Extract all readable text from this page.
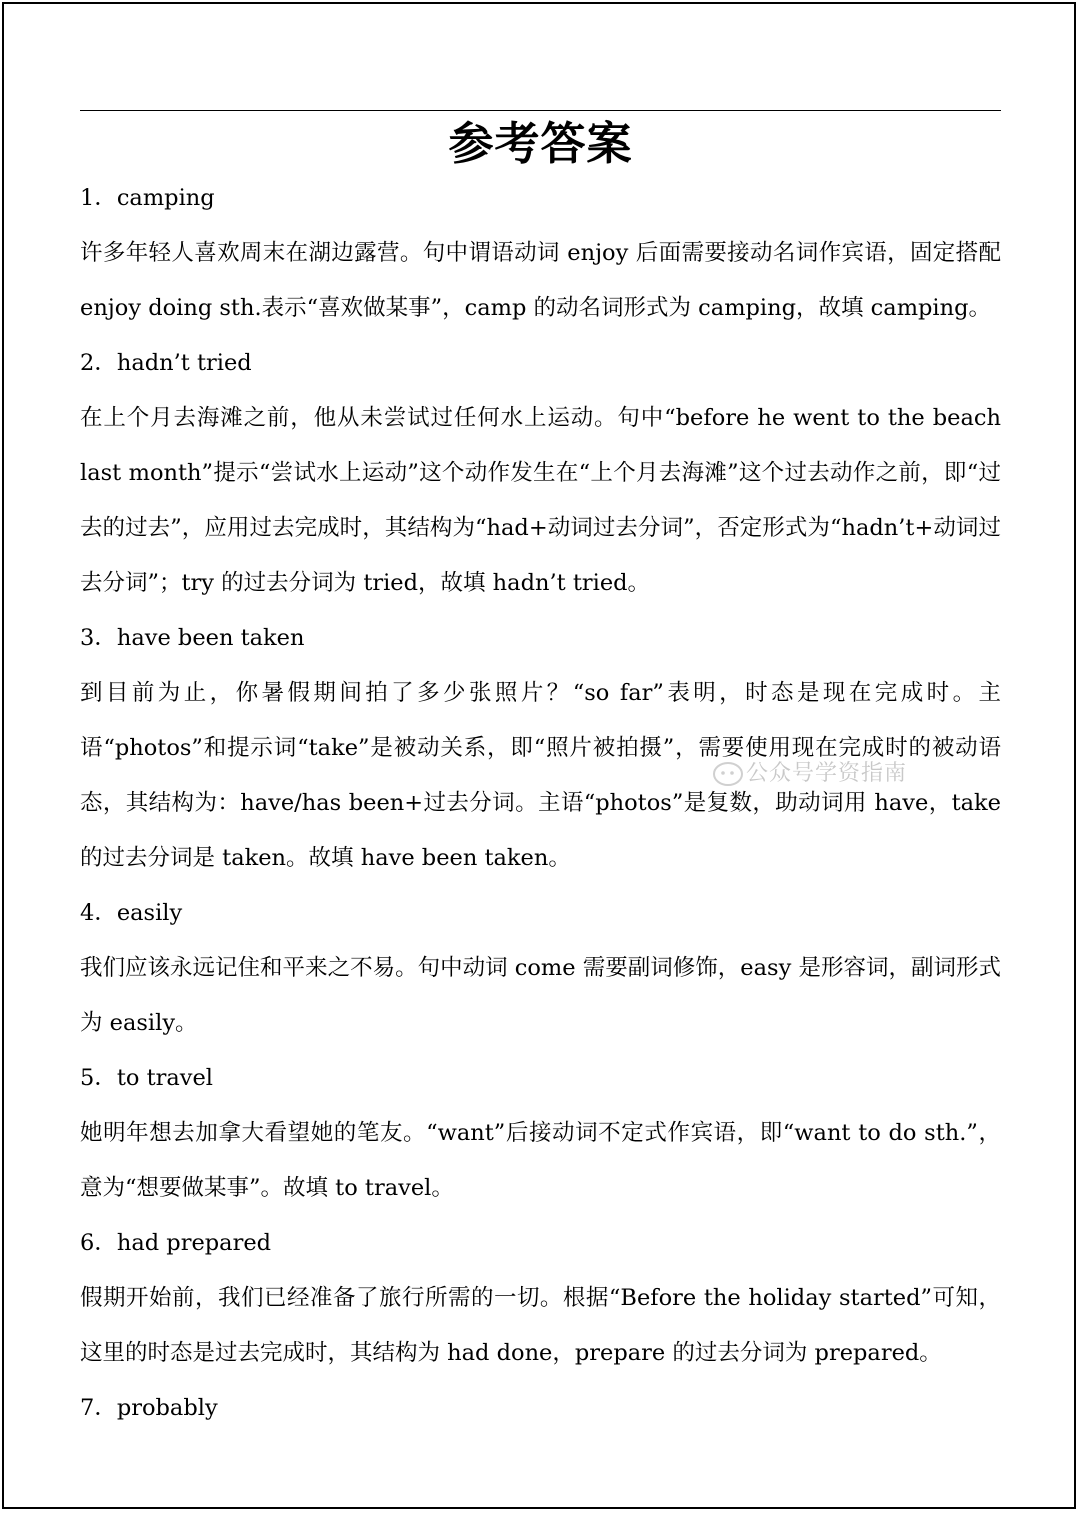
参考答案

1．camping

许多年轻人喜欢周末在湖边露营。句中谓语动词 enjoy 后面需要接动名词作宾语，固定搭配 enjoy doing sth.表示“喜欢做某事”，camp 的动名词形式为 camping，故填 camping。

2．hadn’t tried

在上个月去海滩之前，他从未尝试过任何水上运动。句中“before he went to the beach last month”提示“尝试水上运动”这个动作发生在“上个月去海滩”这个过去动作之前，即“过去的过去”，应用过去完成时，其结构为“had+动词过去分词”，否定形式为“hadn’t+动词过去分词”；try 的过去分词为 tried，故填 hadn’t tried。

3．have been taken

到目前为止，你暑假期间拍了多少张照片？“so far”表明，时态是现在完成时。主语“photos”和提示词“take”是被动关系，即“照片被拍摄”，需要使用现在完成时的被动语态，其结构为：have/has been+过去分词。主语“photos”是复数，助动词用 have，take 的过去分词是 taken。故填 have been taken。

4．easily

我们应该永远记住和平来之不易。句中动词 come 需要副词修饰，easy 是形容词，副词形式为 easily。

5．to travel

她明年想去加拿大看望她的笔友。“want”后接动词不定式作宾语，即“want to do sth.”，意为“想要做某事”。故填 to travel。

6．had prepared

假期开始前，我们已经准备了旅行所需的一切。根据“Before the holiday started”可知，这里的时态是过去完成时，其结构为 had done，prepare 的过去分词为 prepared。

7．probably

公众号学资指南
